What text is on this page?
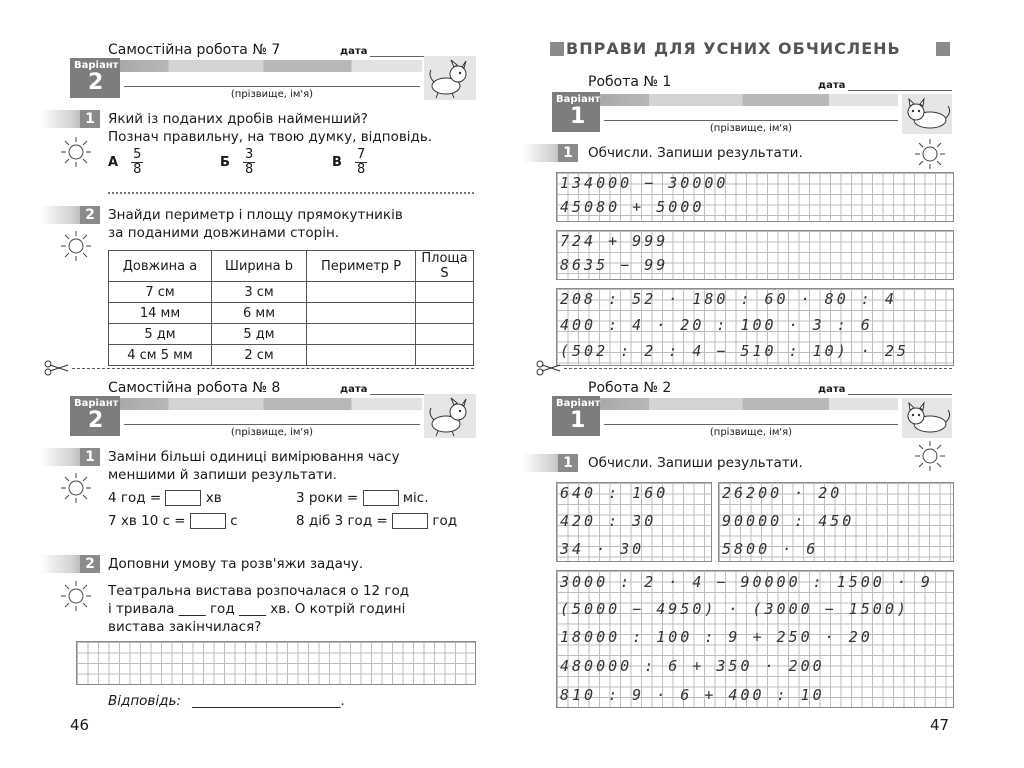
Самостійна робота № 7	дата
Варіант
2	(прізвище, ім'я)
1 Який із поданих дробів найменший?
Познач правильну, на твою думку, відповідь.
А $\frac{5}{8}$	Б $\frac{3}{8}$	В $\frac{7}{8}$
2 Знайди периметр і площу прямокутників
за поданими довжинами сторін.
Довжина a	Ширина b	Периметр P	Площа S
7 см	3 см		
14 мм	6 мм		
5 дм	5 дм		
4 см 5 мм	2 см		
Самостійна робота № 8	дата
Варіант
2	(прізвище, ім'я)
1 Заміни більші одиниці вимірювання часу
меншими й запиши результати.
4 год =	хв	3 роки =	міс.
7 хв 10 с =	с	8 діб 3 год =	год
2 Доповни умову та розв'яжи задачу.
Театральна вистава розпочалася о 12 год
і тривала ____ год ____ хв. О котрій годині
вистава закінчилася?
Відповідь: ______________________.
46
ВПРАВИ ДЛЯ УСНИХ ОБЧИСЛЕНЬ
Робота № 1	дата
Варіант
1	(прізвище, ім'я)
1	Обчисли. Запиши результати.
134000 − 30000
45080 + 5000
724 + 999
8635 − 99
208 : 52 · 180 : 60 · 80 : 4
400 : 4 · 20 : 100 · 3 : 6
(502 : 2 : 4 − 510 : 10) · 25
Робота № 2	дата
Варіант
1	(прізвище, ім'я)
1	Обчисли. Запиши результати.
640 : 160
420 : 30
34 · 30
26200 · 20
90000 : 450
5800 · 6
3000 : 2 · 4 − 90000 : 1500 · 9
(5000 − 4950) · (3000 − 1500)
18000 : 100 : 9 + 250 · 20
480000 : 6 + 350 · 200
810 : 9 · 6 + 400 : 10
47
